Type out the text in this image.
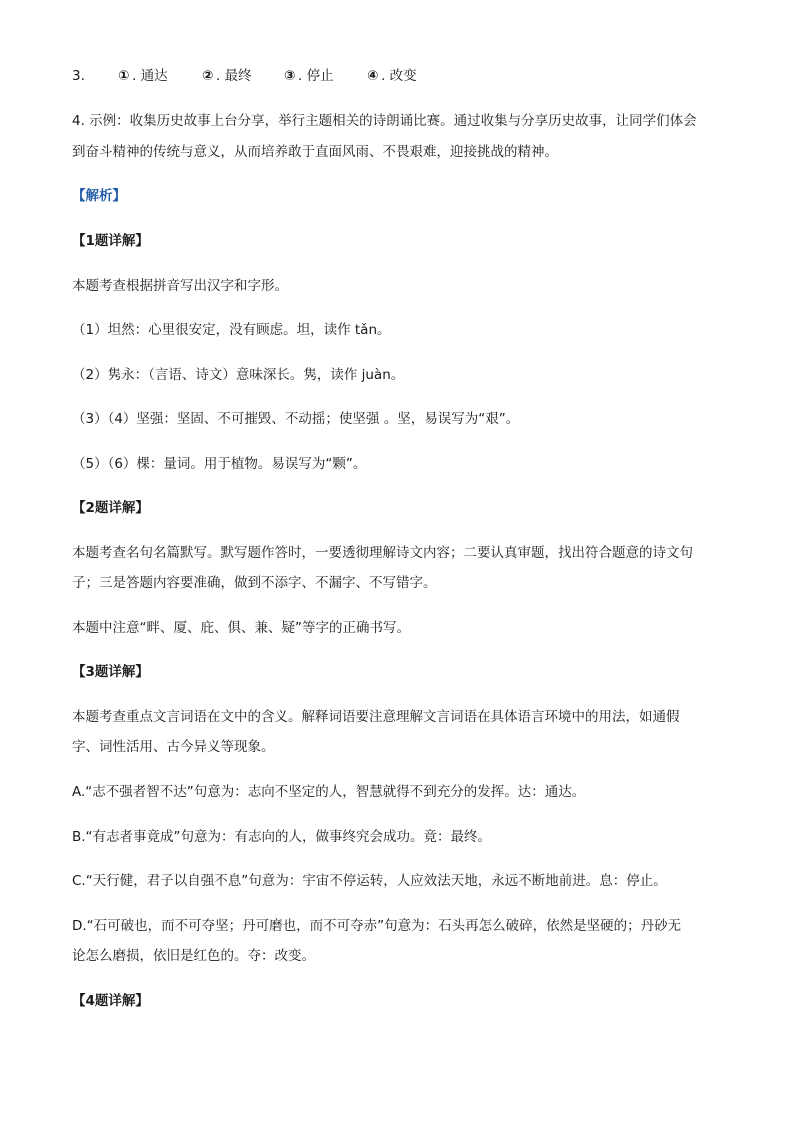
3. ① . 通达	② . 最终 ③ . 停止 ④ . 改变
4. 示例：收集历史故事上台分享，举行主题相关的诗朗诵比赛。通过收集与分享历史故事，让同学们体会
到奋斗精神的传统与意义，从而培养敢于直面风雨、不畏艰难，迎接挑战的精神。
【解析】
【1题详解】
本题考查根据拼音写出汉字和字形。
（1）坦然：心里很安定，没有顾虑。坦，读作 tǎn。
（2）隽永：（言语、诗文）意味深长。隽，读作 juàn。
（3）（4）坚强：坚固、不可摧毁、不动摇；使坚强 。坚，易误写为“艰”。
（5）（6）棵：量词。用于植物。易误写为“颗”。
【2题详解】
本题考查名句名篇默写。默写题作答时，一要透彻理解诗文内容；二要认真审题，找出符合题意的诗文句
子；三是答题内容要准确，做到不添字、不漏字、不写错字。
本题中注意“畔、厦、庇、俱、兼、疑”等字的正确书写。
【3题详解】
本题考查重点文言词语在文中的含义。解释词语要注意理解文言词语在具体语言环境中的用法，如通假
字、词性活用、古今异义等现象。
A.“志不强者智不达”句意为：志向不坚定的人，智慧就得不到充分的发挥。达：通达。
B.“有志者事竟成”句意为：有志向的人，做事终究会成功。竟：最终。
C.“天行健，君子以自强不息”句意为：宇宙不停运转，人应效法天地，永远不断地前进。息：停止。
D.“石可破也，而不可夺坚；丹可磨也，而不可夺赤”句意为：石头再怎么破碎，依然是坚硬的；丹砂无
论怎么磨损，依旧是红色的。夺：改变。
【4题详解】
